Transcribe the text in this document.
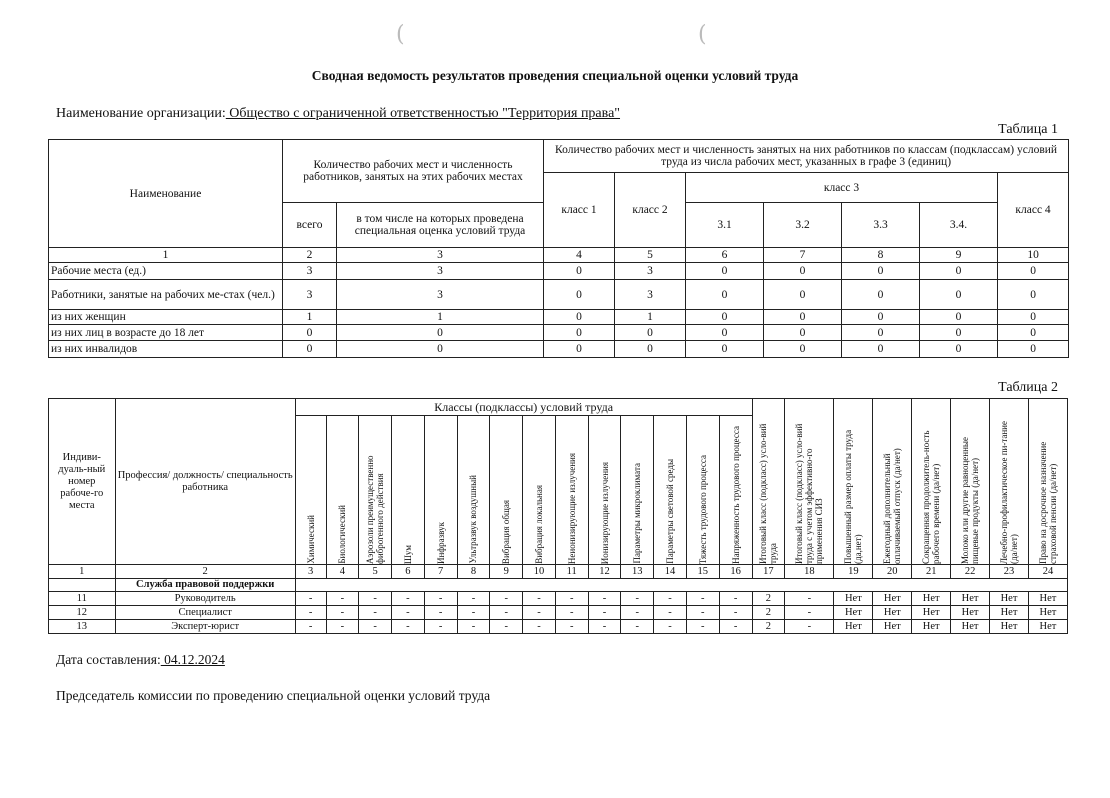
(	(
Сводная ведомость результатов проведения специальной оценки условий труда
Наименование организации: Общество с ограниченной ответственностью "Территория права"
Таблица 1
Наименование	Количество рабочих мест и численность работников, занятых на этих рабочих местах		Количество рабочих мест и численность занятых на них работников по классам (подклассам) условий труда из числа рабочих мест, указанных в графе 3 (единиц)						
			класс 1	класс 2	класс 3				класс 4
	всего	в том числе на которых проведена специальная оценка условий труда			3.1	3.2	3.3	3.4.	
1	2	3	4	5	6	7	8	9	10
Рабочие места (ед.)	3	3	0	3	0	0	0	0	0
Работники, занятые на рабочих ме-стах (чел.)	3	3	0	3	0	0	0	0	0
из них женщин	1	1	0	1	0	0	0	0	0
из них лиц в возрасте до 18 лет	0	0	0	0	0	0	0	0	0
из них инвалидов	0	0	0	0	0	0	0	0	0
Таблица 2
Индиви-дуаль-ный номер рабоче-го места	Профессия/ должность/ специальность работника	Классы (подклассы) условий труда														Итоговый класс (подкласс) усло-вий труда	Итоговый класс (подкласс) усло-вий труда с учетом эффективно-го применения СИЗ	Повышенный размер оплаты труда (да,нет)	Ежегодный дополнительный оплачиваемый отпуск (да/нет)	Сокращенная продолжитель-ность рабочего времени (да/нет)	Молоко или другие равноценные пищевые продукты (да/нет)	Лечебно-профилактическое пи-тание (да/нет)	Право на досрочное назначение страховой пенсии (да/нет)

		Химический	Биологический	Аэрозоли преимущественно фиброгенного действия	Шум	Инфразвук	Ультразвук воздушный	Вибрация общая	Вибрация локальная	Неионизирующие излучения	Ионизирующие излучения	Параметры микроклимата	Параметры световой среды	Тяжесть трудового процесса	Напряженность трудового процесса								

1	2	3	4	5	6	7	8	9	10	11	12	13	14	15	16	17	18	19	20	21	22	23	24
	Служба правовой поддержки																						
11	Руководитель	-	-	-	-	-	-	-	-	-	-	-	-	-	-	2	-	Нет	Нет	Нет	Нет	Нет	Нет
12	Специалист	-	-	-	-	-	-	-	-	-	-	-	-	-	-	2	-	Нет	Нет	Нет	Нет	Нет	Нет
13	Эксперт-юрист	-	-	-	-	-	-	-	-	-	-	-	-	-	-	2	-	Нет	Нет	Нет	Нет	Нет	Нет
Дата составления: 04.12.2024
Председатель комиссии по проведению специальной оценки условий труда
